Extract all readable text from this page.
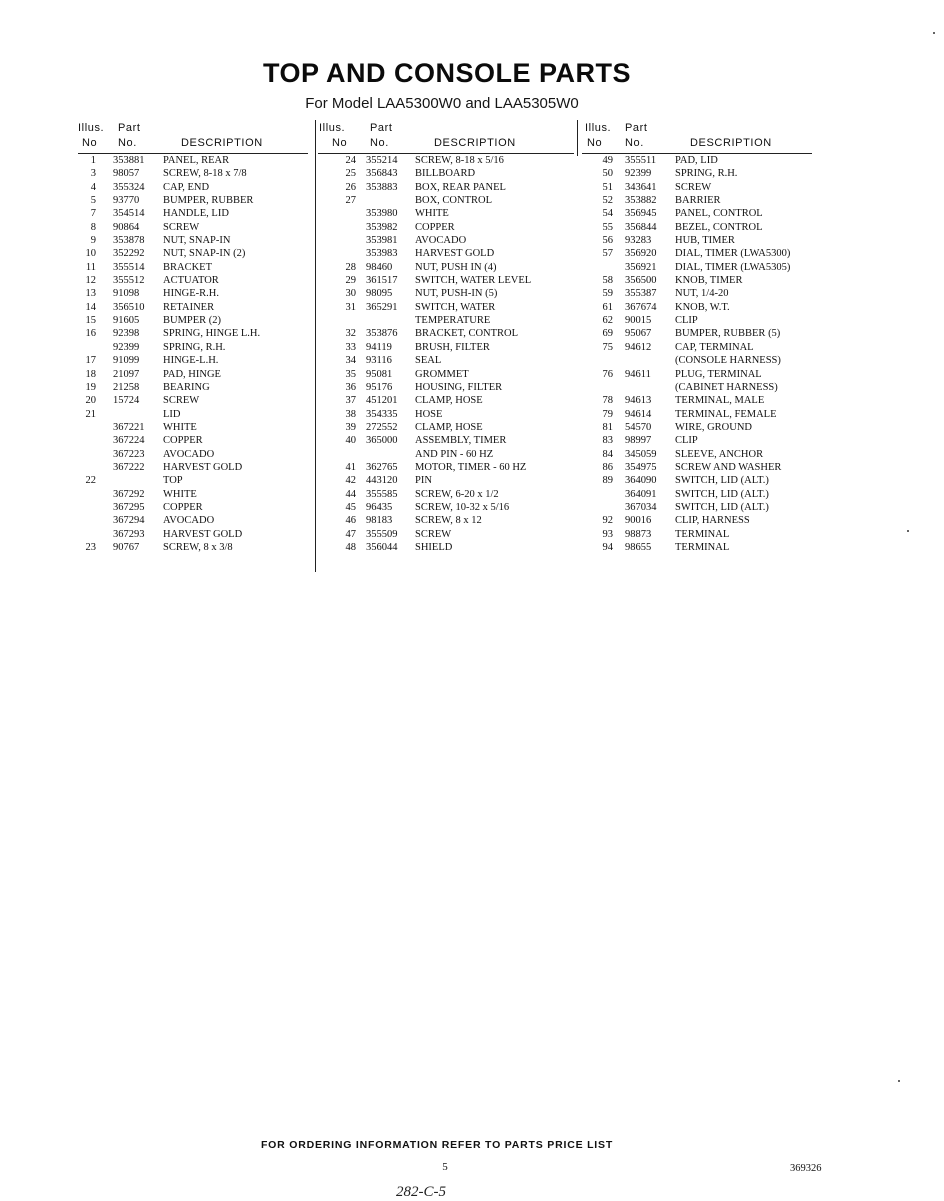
TOP AND CONSOLE PARTS
For Model LAA5300W0 and LAA5305W0
Illus.
No
Part
No.	DESCRIPTION
1 353881 PANEL, REAR
3 98057 SCREW, 8-18 x 7/8
4 355324 CAP, END
5 93770 BUMPER, RUBBER
7 354514 HANDLE, LID
8 90864 SCREW
9 353878 NUT, SNAP-IN
10 352292 NUT, SNAP-IN (2)
11 355514 BRACKET
12 355512 ACTUATOR
13 91098 HINGE-R.H.
14 356510 RETAINER
15 91605 BUMPER (2)
16 92398 SPRING, HINGE L.H.
92399 SPRING, R.H.
17 91099 HINGE-L.H.
18 21097 PAD, HINGE
19 21258 BEARING
20 15724 SCREW
21	LID
367221 WHITE
367224 COPPER
367223 AVOCADO
367222 HARVEST GOLD
22	TOP
367292 WHITE
367295 COPPER
367294 AVOCADO
367293 HARVEST GOLD
23 90767 SCREW, 8 x 3/8
Illus.
No
Part
No.	DESCRIPTION
24 355214 SCREW, 8-18 x 5/16
25 356843 BILLBOARD
26 353883 BOX, REAR PANEL
27	BOX, CONTROL
353980 WHITE
353982 COPPER
353981 AVOCADO
353983 HARVEST GOLD
28 98460 NUT, PUSH IN (4)
29 361517 SWITCH, WATER LEVEL
30 98095 NUT, PUSH-IN (5)
31 365291 SWITCH, WATER
TEMPERATURE
32 353876 BRACKET, CONTROL
33 94119 BRUSH, FILTER
34 93116 SEAL
35 95081 GROMMET
36 95176 HOUSING, FILTER
37 451201 CLAMP, HOSE
38 354335 HOSE
39 272552 CLAMP, HOSE
40 365000 ASSEMBLY, TIMER
AND PIN - 60 HZ
41 362765 MOTOR, TIMER - 60 HZ
42 443120 PIN
44 355585 SCREW, 6-20 x 1/2
45 96435 SCREW, 10-32 x 5/16
46 98183 SCREW, 8 x 12
47 355509 SCREW
48 356044 SHIELD
Illus.
No
Part
No.	DESCRIPTION
49 355511 PAD, LID
50 92399 SPRING, R.H.
51 343641 SCREW
52 353882 BARRIER
54 356945 PANEL, CONTROL
55 356844 BEZEL, CONTROL
56 93283 HUB, TIMER
57 356920 DIAL, TIMER (LWA5300)
356921 DIAL, TIMER (LWA5305)
58 356500 KNOB, TIMER
59 355387 NUT, 1/4-20
61 367674 KNOB, W.T.
62 90015 CLIP
69 95067 BUMPER, RUBBER (5)
75 94612 CAP, TERMINAL
(CONSOLE HARNESS)
76 94611 PLUG, TERMINAL
(CABINET HARNESS)
78 94613 TERMINAL, MALE
79 94614 TERMINAL, FEMALE
81 54570 WIRE, GROUND
83 98997 CLIP
84 345059 SLEEVE, ANCHOR
86 354975 SCREW AND WASHER
89 364090 SWITCH, LID (ALT.)
364091 SWITCH, LID (ALT.)
367034 SWITCH, LID (ALT.)
92 90016 CLIP, HARNESS
93 98873 TERMINAL
94 98655 TERMINAL
FOR ORDERING INFORMATION REFER TO PARTS PRICE LIST
5	369326
282-C-5
